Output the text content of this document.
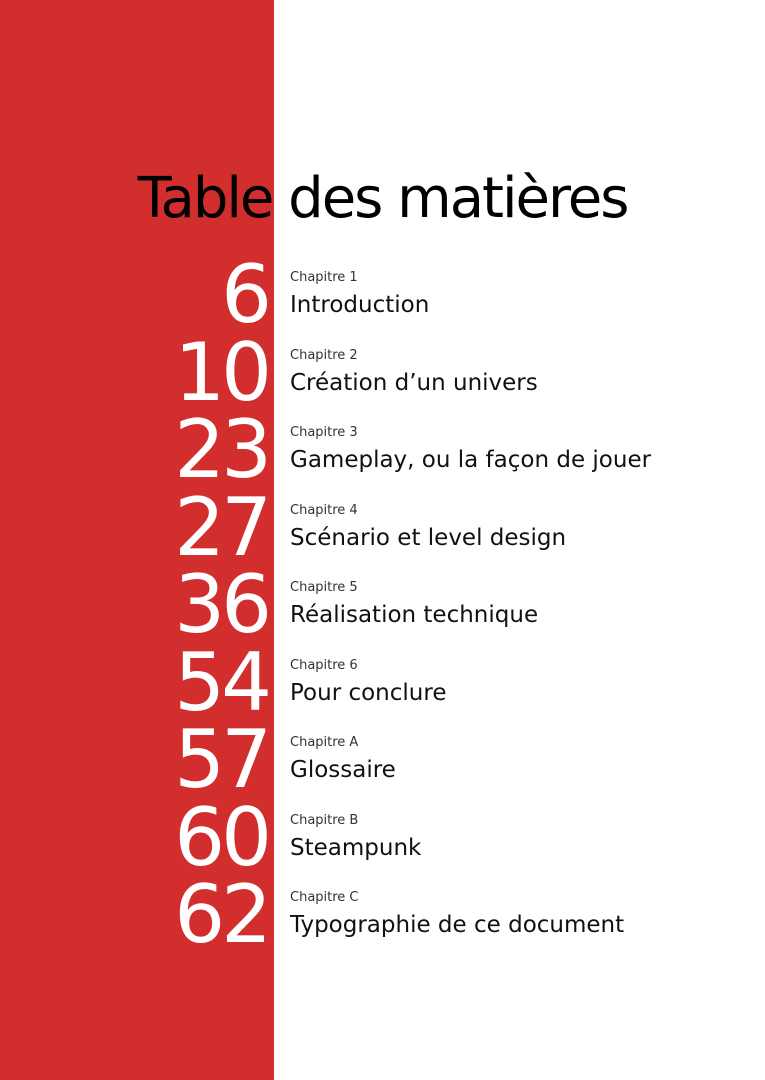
Table des matières
6 Chapitre 1
Introduction
10 Chapitre 2
Création d’un univers
23 Chapitre 3
Gameplay, ou la façon de jouer
27 Chapitre 4
Scénario et level design
36 Chapitre 5
Réalisation technique
54 Chapitre 6
Pour conclure
57 Chapitre A
Glossaire
60 Chapitre B
Steampunk
62 Chapitre C
Typographie de ce document
